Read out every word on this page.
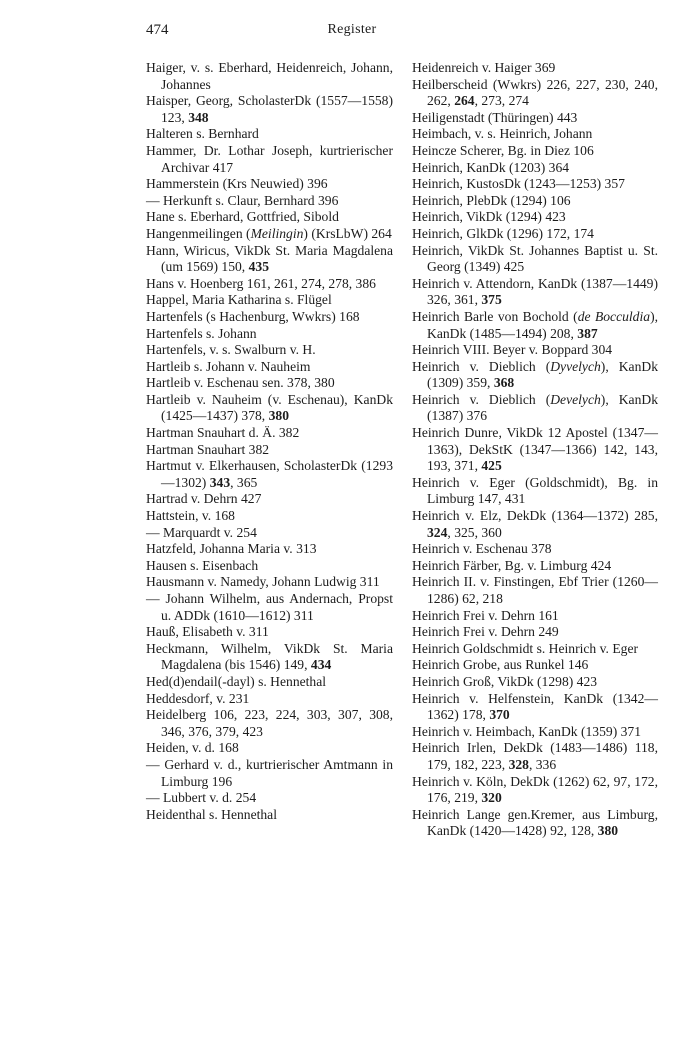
474	Register

Haiger, v. s. Eberhard, Heidenreich, Johann, Johannes

Haisper, Georg, ScholasterDk (1557—1558) 123, 348

Halteren s. Bernhard

Hammer, Dr. Lothar Joseph, kurtrierischer Archivar 417

Hammerstein (Krs Neuwied) 396

— Herkunft s. Claur, Bernhard 396

Hane s. Eberhard, Gottfried, Sibold

Hangenmeilingen (Meilingin) (KrsLbW) 264

Hann, Wiricus, VikDk St. Maria Magdalena (um 1569) 150, 435

Hans v. Hoenberg 161, 261, 274, 278, 386

Happel, Maria Katharina s. Flügel

Hartenfels (s Hachenburg, Wwkrs) 168

Hartenfels s. Johann

Hartenfels, v. s. Swalburn v. H.

Hartleib s. Johann v. Nauheim

Hartleib v. Eschenau sen. 378, 380

Hartleib v. Nauheim (v. Eschenau), KanDk (1425—1437) 378, 380

Hartman Snauhart d. Ä. 382

Hartman Snauhart 382

Hartmut v. Elkerhausen, ScholasterDk (1293—1302) 343, 365

Hartrad v. Dehrn 427

Hattstein, v. 168

— Marquardt v. 254

Hatzfeld, Johanna Maria v. 313

Hausen s. Eisenbach

Hausmann v. Namedy, Johann Ludwig 311

— Johann Wilhelm, aus Andernach, Propst u. ADDk (1610—1612) 311

Hauß, Elisabeth v. 311

Heckmann, Wilhelm, VikDk St. Maria Magdalena (bis 1546) 149, 434

Hed(d)endail(-dayl) s. Hennethal

Heddesdorf, v. 231

Heidelberg 106, 223, 224, 303, 307, 308, 346, 376, 379, 423

Heiden, v. d. 168

— Gerhard v. d., kurtrierischer Amtmann in Limburg 196

— Lubbert v. d. 254

Heidenthal s. Hennethal

Heidenreich v. Haiger 369

Heilberscheid (Wwkrs) 226, 227, 230, 240, 262, 264, 273, 274

Heiligenstadt (Thüringen) 443

Heimbach, v. s. Heinrich, Johann

Heincze Scherer, Bg. in Diez 106

Heinrich, KanDk (1203) 364

Heinrich, KustosDk (1243—1253) 357

Heinrich, PlebDk (1294) 106

Heinrich, VikDk (1294) 423

Heinrich, GlkDk (1296) 172, 174

Heinrich, VikDk St. Johannes Baptist u. St. Georg (1349) 425

Heinrich v. Attendorn, KanDk (1387—1449) 326, 361, 375

Heinrich Barle von Bochold (de Bocculdia), KanDk (1485—1494) 208, 387

Heinrich VIII. Beyer v. Boppard 304

Heinrich v. Dieblich (Dyvelych), KanDk (1309) 359, 368

Heinrich v. Dieblich (Develych), KanDk (1387) 376

Heinrich Dunre, VikDk 12 Apostel (1347—1363), DekStK (1347—1366) 142, 143, 193, 371, 425

Heinrich v. Eger (Goldschmidt), Bg. in Limburg 147, 431

Heinrich v. Elz, DekDk (1364—1372) 285, 324, 325, 360

Heinrich v. Eschenau 378

Heinrich Färber, Bg. v. Limburg 424

Heinrich II. v. Finstingen, Ebf Trier (1260—1286) 62, 218

Heinrich Frei v. Dehrn 161

Heinrich Frei v. Dehrn 249

Heinrich Goldschmidt s. Heinrich v. Eger

Heinrich Grobe, aus Runkel 146

Heinrich Groß, VikDk (1298) 423

Heinrich v. Helfenstein, KanDk (1342—1362) 178, 370

Heinrich v. Heimbach, KanDk (1359) 371

Heinrich Irlen, DekDk (1483—1486) 118, 179, 182, 223, 328, 336

Heinrich v. Köln, DekDk (1262) 62, 97, 172, 176, 219, 320

Heinrich Lange gen.Kremer, aus Limburg, KanDk (1420—1428) 92, 128, 380
